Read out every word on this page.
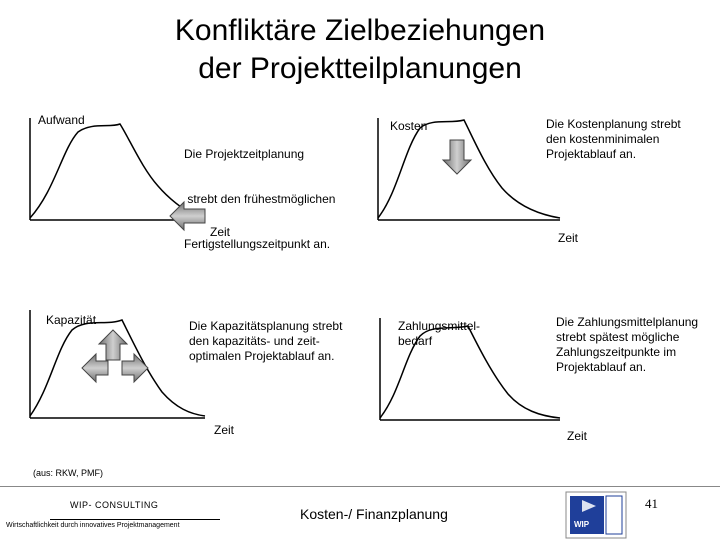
Konfliktäre Zielbeziehungen
der Projektteilplanungen
Aufwand
Zeit

Die Projektzeitplanung

strebt den frühestmöglichen

Fertigstellungszeitpunkt an.

Kosten
Zeit
Die Kostenplanung strebt
den kostenminimalen
Projektablauf an.
Kapazität
Zeit
Die Kapazitätsplanung strebt
den kapazitäts- und zeit-
optimalen Projektablauf an.
Zahlungsmittel-
bedarf
Zeit
Die Zahlungsmittelplanung
strebt spätest mögliche
Zahlungszeitpunkte im
Projektablauf an.
(aus: RKW, PMF)
WIP- CONSULTING
Wirtschaftlichkeit durch innovatives Projektmanagement
Kosten-/ Finanzplanung
41
WIP
